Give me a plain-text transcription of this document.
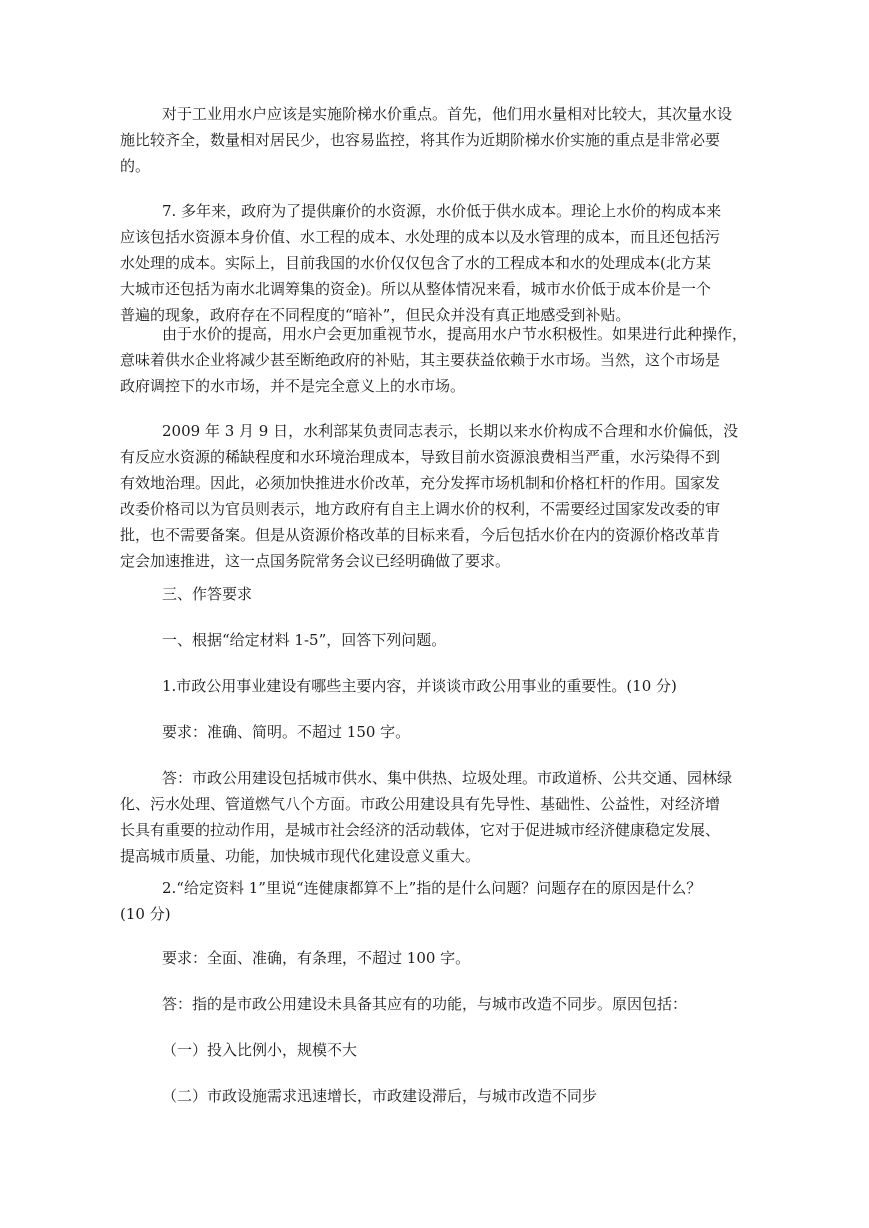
对于工业用水户应该是实施阶梯水价重点。首先，他们用水量相对比较大，其次量水设
施比较齐全，数量相对居民少，也容易监控，将其作为近期阶梯水价实施的重点是非常必要
的。
7. 多年来，政府为了提供廉价的水资源，水价低于供水成本。理论上水价的构成本来
应该包括水资源本身价值、水工程的成本、水处理的成本以及水管理的成本，而且还包括污
水处理的成本。实际上，目前我国的水价仅仅包含了水的工程成本和水的处理成本(北方某
大城市还包括为南水北调筹集的资金)。所以从整体情况来看，城市水价低于成本价是一个
普遍的现象，政府存在不同程度的“暗补”，但民众并没有真正地感受到补贴。
由于水价的提高，用水户会更加重视节水，提高用水户节水积极性。如果进行此种操作，
意味着供水企业将减少甚至断绝政府的补贴，其主要获益依赖于水市场。当然，这个市场是
政府调控下的水市场，并不是完全意义上的水市场。
2009 年 3 月 9 日，水利部某负责同志表示，长期以来水价构成不合理和水价偏低，没
有反应水资源的稀缺程度和水环境治理成本，导致目前水资源浪费相当严重，水污染得不到
有效地治理。因此，必须加快推进水价改革，充分发挥市场机制和价格杠杆的作用。国家发
改委价格司以为官员则表示，地方政府有自主上调水价的权利，不需要经过国家发改委的审
批，也不需要备案。但是从资源价格改革的目标来看，今后包括水价在内的资源价格改革肯
定会加速推进，这一点国务院常务会议已经明确做了要求。
三、作答要求
一、根据“给定材料 1-5”，回答下列问题。
1.市政公用事业建设有哪些主要内容，并谈谈市政公用事业的重要性。(10 分)
要求：准确、简明。不超过 150 字。
答：市政公用建设包括城市供水、集中供热、垃圾处理。市政道桥、公共交通、园林绿
化、污水处理、管道燃气八个方面。市政公用建设具有先导性、基础性、公益性，对经济增
长具有重要的拉动作用，是城市社会经济的活动载体，它对于促进城市经济健康稳定发展、
提高城市质量、功能，加快城市现代化建设意义重大。
2.“给定资料 1”里说“连健康都算不上”指的是什么问题？问题存在的原因是什么？
(10 分)
要求：全面、准确，有条理，不超过 100 字。
答：指的是市政公用建设未具备其应有的功能，与城市改造不同步。原因包括：
（一）投入比例小，规模不大
（二）市政设施需求迅速增长，市政建设滞后，与城市改造不同步
